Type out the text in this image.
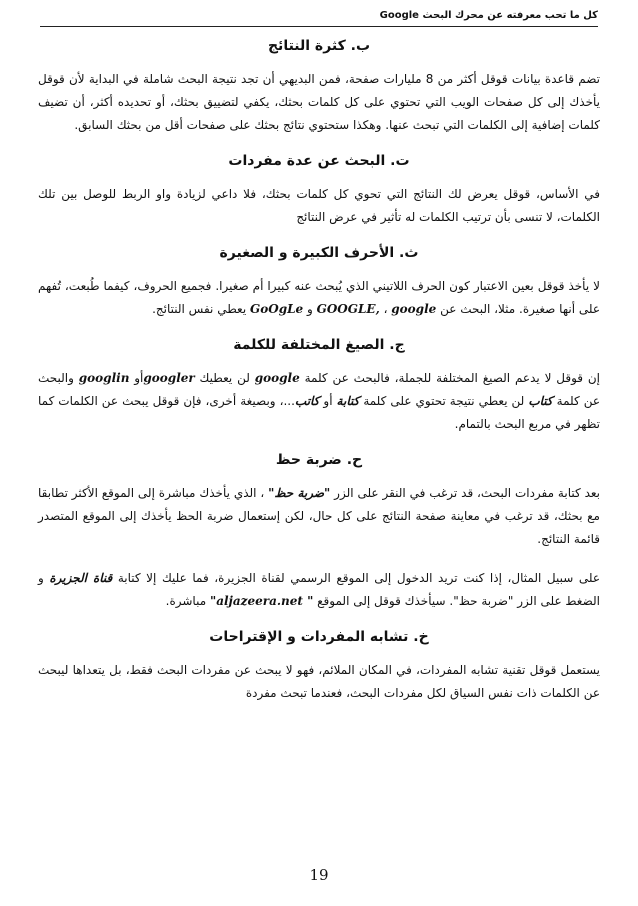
كل ما تحب معرفته عن محرك البحث Google
ب. كثرة النتائج

تضم قاعدة بيانات قوقل أكثر من 8 مليارات صفحة، فمن البديهي أن تجد نتيجة البحث شاملة في البداية لأن قوقل يأخذك إلى كل صفحات الويب التي تحتوي على كل كلمات بحثك، يكفي لتضييق بحثك، أو تحديده أكثر، أن تضيف كلمات إضافية إلى الكلمات التي تبحث عنها. وهكذا ستحتوي نتائج بحثك على صفحات أقل من بحثك السابق.

ت. البحث عن عدة مفردات

في الأساس، قوقل يعرض لك النتائج التي تحوي كل كلمات بحثك، فلا داعي لزيادة واو الربط للوصل بين تلك الكلمات، لا تنسى بأن ترتيب الكلمات له تأثير في عرض النتائج

ث. الأحرف الكبيرة و الصغيرة

لا يأخذ قوقل بعين الاعتبار كون الحرف اللاتيني الذي يُبحث عنه كبيرا أم صغيرا. فجميع الحروف، كيفما طُبعت، تُفهم على أنها صغيرة. مثلا، البحث عن google ، GOOGLE, و GoOgLe يعطي نفس النتائج.

ج. الصيغ المختلفة للكلمة

إن قوقل لا يدعم الصيغ المختلفة للجملة، فالبحث عن كلمة google لن يعطيك googlerأو googlin والبحث عن كلمة كتاب لن يعطي نتيجة تحتوي على كلمة كتابة أو كاتب...، وبصيغة أخرى، فإن قوقل يبحث عن الكلمات كما تظهر في مربع البحث بالتمام.

ح. ضربة حظ

بعد كتابة مفردات البحث، قد ترغب في النقر على الزر "ضربة حظ" ، الذي يأخذك مباشرة إلى الموقع الأكثر تطابقا مع بحثك، قد ترغب في معاينة صفحة النتائج على كل حال، لكن إستعمال ضربة الحظ يأخذك إلى الموقع المتصدر قائمة النتائج.

على سبيل المثال، إذا كنت تريد الدخول إلى الموقع الرسمي لقناة الجزيرة، فما عليك إلا كتابة قناة الجزيرة و الضغط على الزر "ضربة حظ". سيأخذك قوقل إلى الموقع "aljazeera.net " مباشرة.

خ. تشابه المفردات و الإقتراحات

يستعمل قوقل تقنية تشابه المفردات، في المكان الملائم، فهو لا يبحث عن مفردات البحث فقط، بل يتعداها ليبحث عن الكلمات ذات نفس السياق لكل مفردات البحث، فعندما تبحث مفردة

19
